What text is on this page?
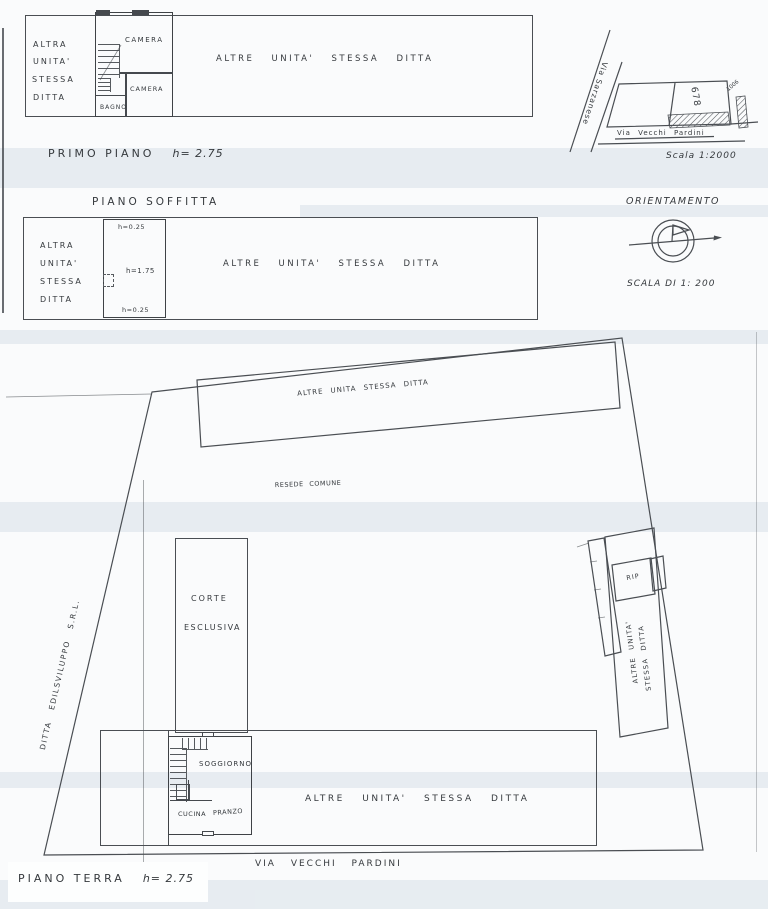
CAMERA
CAMERA
BAGNO
ALTRA
UNITA'
STESSA
DITTA
ALTRE UNITA' STESSA DITTA
PRIMO PIANO h= 2.75
PIANO SOFFITTA
h=0.25
h=1.75
h=0.25
ALTRA
UNITA'
STESSA
DITTA
ALTRE UNITA' STESSA DITTA
Via Sarzanese	678
1006
Via Vecchi Pardini
Scala 1:2000
ORIENTAMENTO
SCALA DI 1: 200
CORTE
ESCLUSIVA
ALTRE UNITA STESSA DITTA
RESEDE COMUNE
ALTRE UNITA'
STESSA DITTA
RIP
SOGGIORNO
CUCINA	PRANZO
ALTRE UNITA' STESSA DITTA
VIA VECCHI PARDINI
DITTA EDILSVILUPPO S.R.L.
PIANO TERRA h= 2.75
